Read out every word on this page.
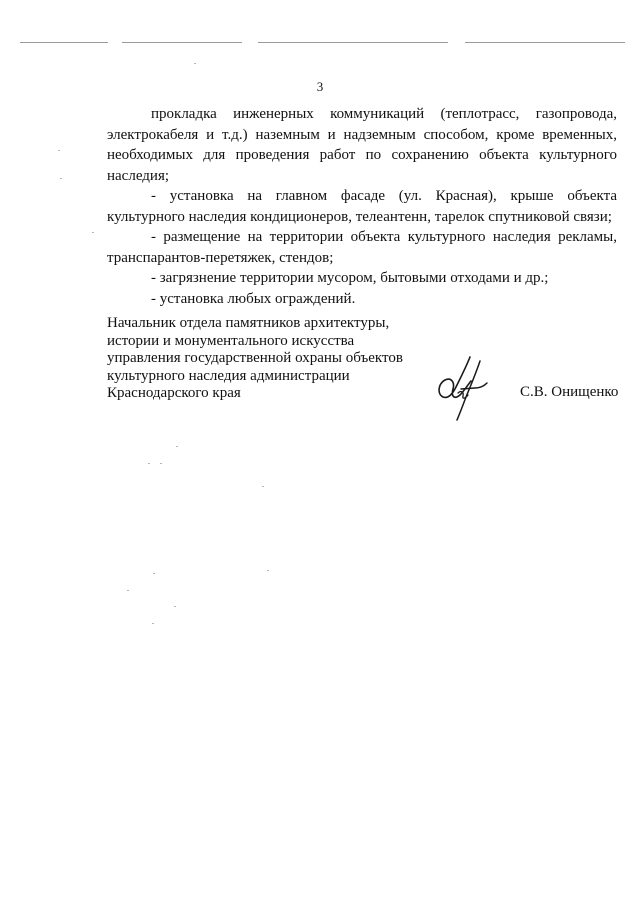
3

прокладка инженерных коммуникаций (теплотрасс, газопровода, электрокабеля и т.д.) наземным и надземным способом, кроме временных, необходимых для проведения работ по сохранению объекта культурного наследия;

- установка на главном фасаде (ул. Красная), крыше объекта культурного наследия кондиционеров, телеантенн, тарелок спутниковой связи;

- размещение на территории объекта культурного наследия рекламы, транспарантов-перетяжек, стендов;

- загрязнение территории мусором, бытовыми отходами и др.;

- установка любых ограждений.

Начальник отдела памятников архитектуры,
истории и монументального искусства
управления государственной охраны объектов
культурного наследия администрации
Краснодарского края	С.В. Онищенко
